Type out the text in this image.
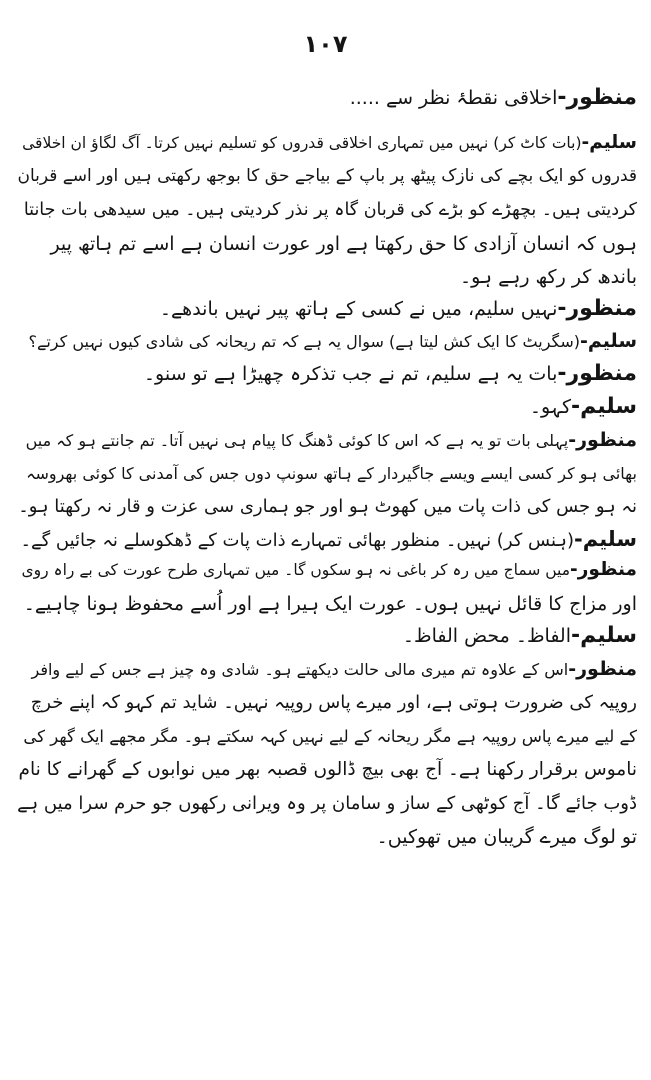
۱۰۷
منظور-اخلاقی نقطۂ نظر سے .....
سلیم-(بات کاٹ کر) نہیں میں تمہاری اخلاقی قدروں کو تسلیم نہیں کرتا۔ آگ لگاؤ ان اخلاقی
قدروں کو ایک بچے کی نازک پیٹھ پر باپ کے بیاجے حق کا بوجھ رکھتی ہیں اور اسے قربان
کردیتی ہیں۔ بچھڑے کو بڑے کی قربان گاہ پر نذر کردیتی ہیں۔ میں سیدھی بات جانتا
ہوں کہ انسان آزادی کا حق رکھتا ہے اور عورت انسان ہے اسے تم ہاتھ پیر
باندھ کر رکھ رہے ہو۔
منظور-نہیں سلیم، میں نے کسی کے ہاتھ پیر نہیں باندھے۔
سلیم-(سگریٹ کا ایک کش لیتا ہے) سوال یہ ہے کہ تم ریحانہ کی شادی کیوں نہیں کرتے؟
منظور-بات یہ ہے سلیم، تم نے جب تذکرہ چھیڑا ہے تو سنو۔
سلیم-کہو۔
منظور-پہلی بات تو یہ ہے کہ اس کا کوئی ڈھنگ کا پیام ہی نہیں آتا۔ تم جانتے ہو کہ میں
بھائی ہو کر کسی ایسے ویسے جاگیردار کے ہاتھ سونپ دوں جس کی آمدنی کا کوئی بھروسہ
نہ ہو جس کی ذات پات میں کھوٹ ہو اور جو ہماری سی عزت و قار نہ رکھتا ہو۔
سلیم-(ہنس کر) نہیں۔ منظور بھائی تمہارے ذات پات کے ڈھکوسلے نہ جائیں گے۔
منظور-میں سماج میں رہ کر باغی نہ ہو سکوں گا۔ میں تمہاری طرح عورت کی بے راہ روی
اور مزاج کا قائل نہیں ہوں۔ عورت ایک ہیرا ہے اور اُسے محفوظ ہونا چاہیے۔
سلیم-الفاظ۔ محض الفاظ۔
منظور-اس کے علاوہ تم میری مالی حالت دیکھتے ہو۔ شادی وہ چیز ہے جس کے لیے وافر
روپیہ کی ضرورت ہوتی ہے، اور میرے پاس روپیہ نہیں۔ شاید تم کہو کہ اپنے خرچ
کے لیے میرے پاس روپیہ ہے مگر ریحانہ کے لیے نہیں کہہ سکتے ہو۔ مگر مجھے ایک گھر کی
ناموس برقرار رکھنا ہے۔ آج بھی بیچ ڈالوں قصبہ بھر میں نوابوں کے گھرانے کا نام
ڈوب جائے گا۔ آج کوٹھی کے ساز و سامان پر وہ ویرانی رکھوں جو حرم سرا میں ہے
تو لوگ میرے گریبان میں تھوکیں۔
